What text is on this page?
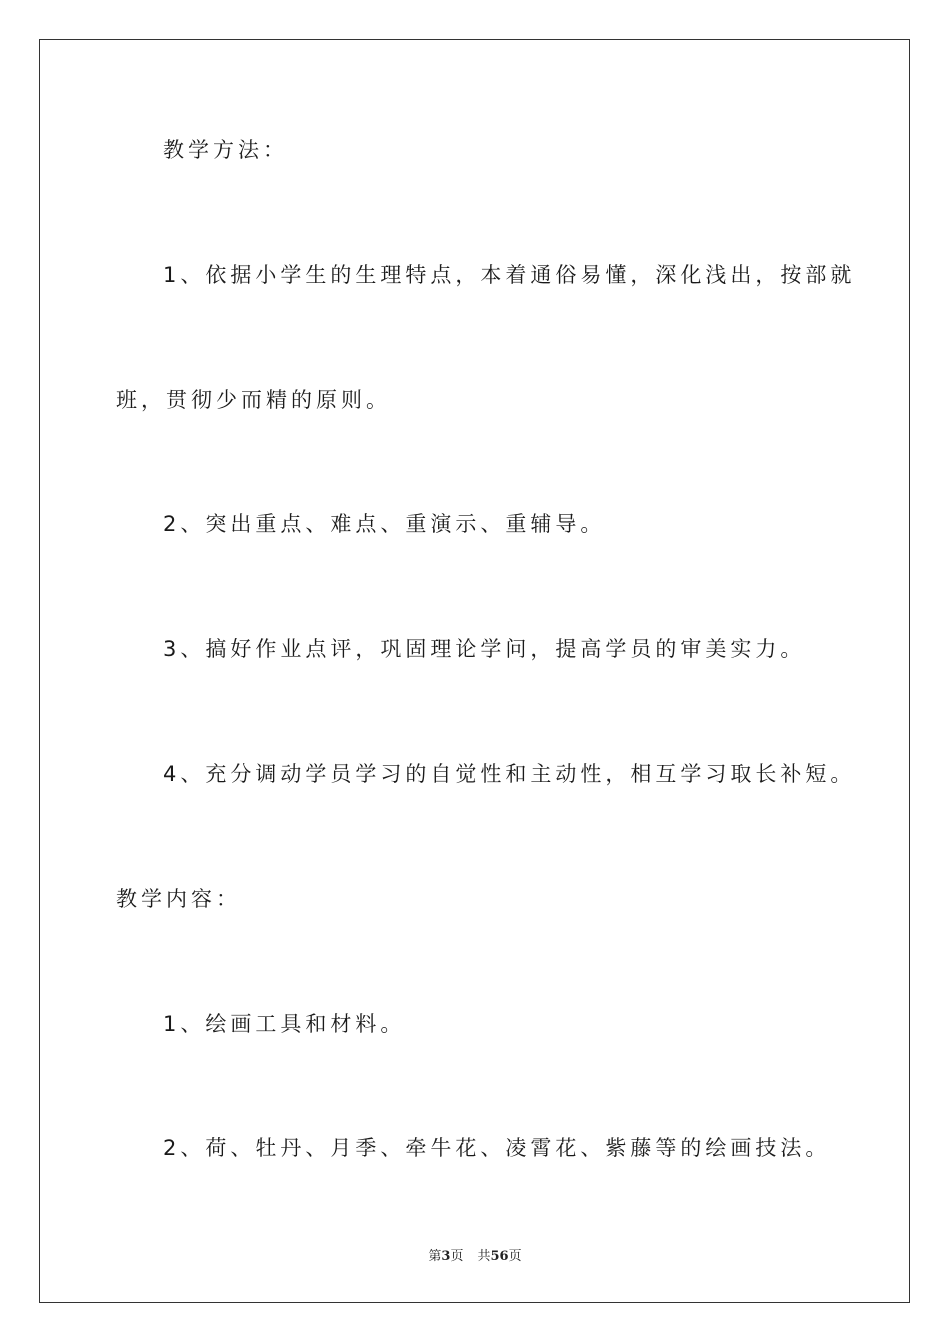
教学方法：
1、依据小学生的生理特点，本着通俗易懂，深化浅出，按部就
班，贯彻少而精的原则。
2、突出重点、难点、重演示、重辅导。
3、搞好作业点评，巩固理论学问，提高学员的审美实力。
4、充分调动学员学习的自觉性和主动性，相互学习取长补短。
教学内容：
1、绘画工具和材料。
2、荷、牡丹、月季、牵牛花、凌霄花、紫藤等的绘画技法。
第3页 共56页
